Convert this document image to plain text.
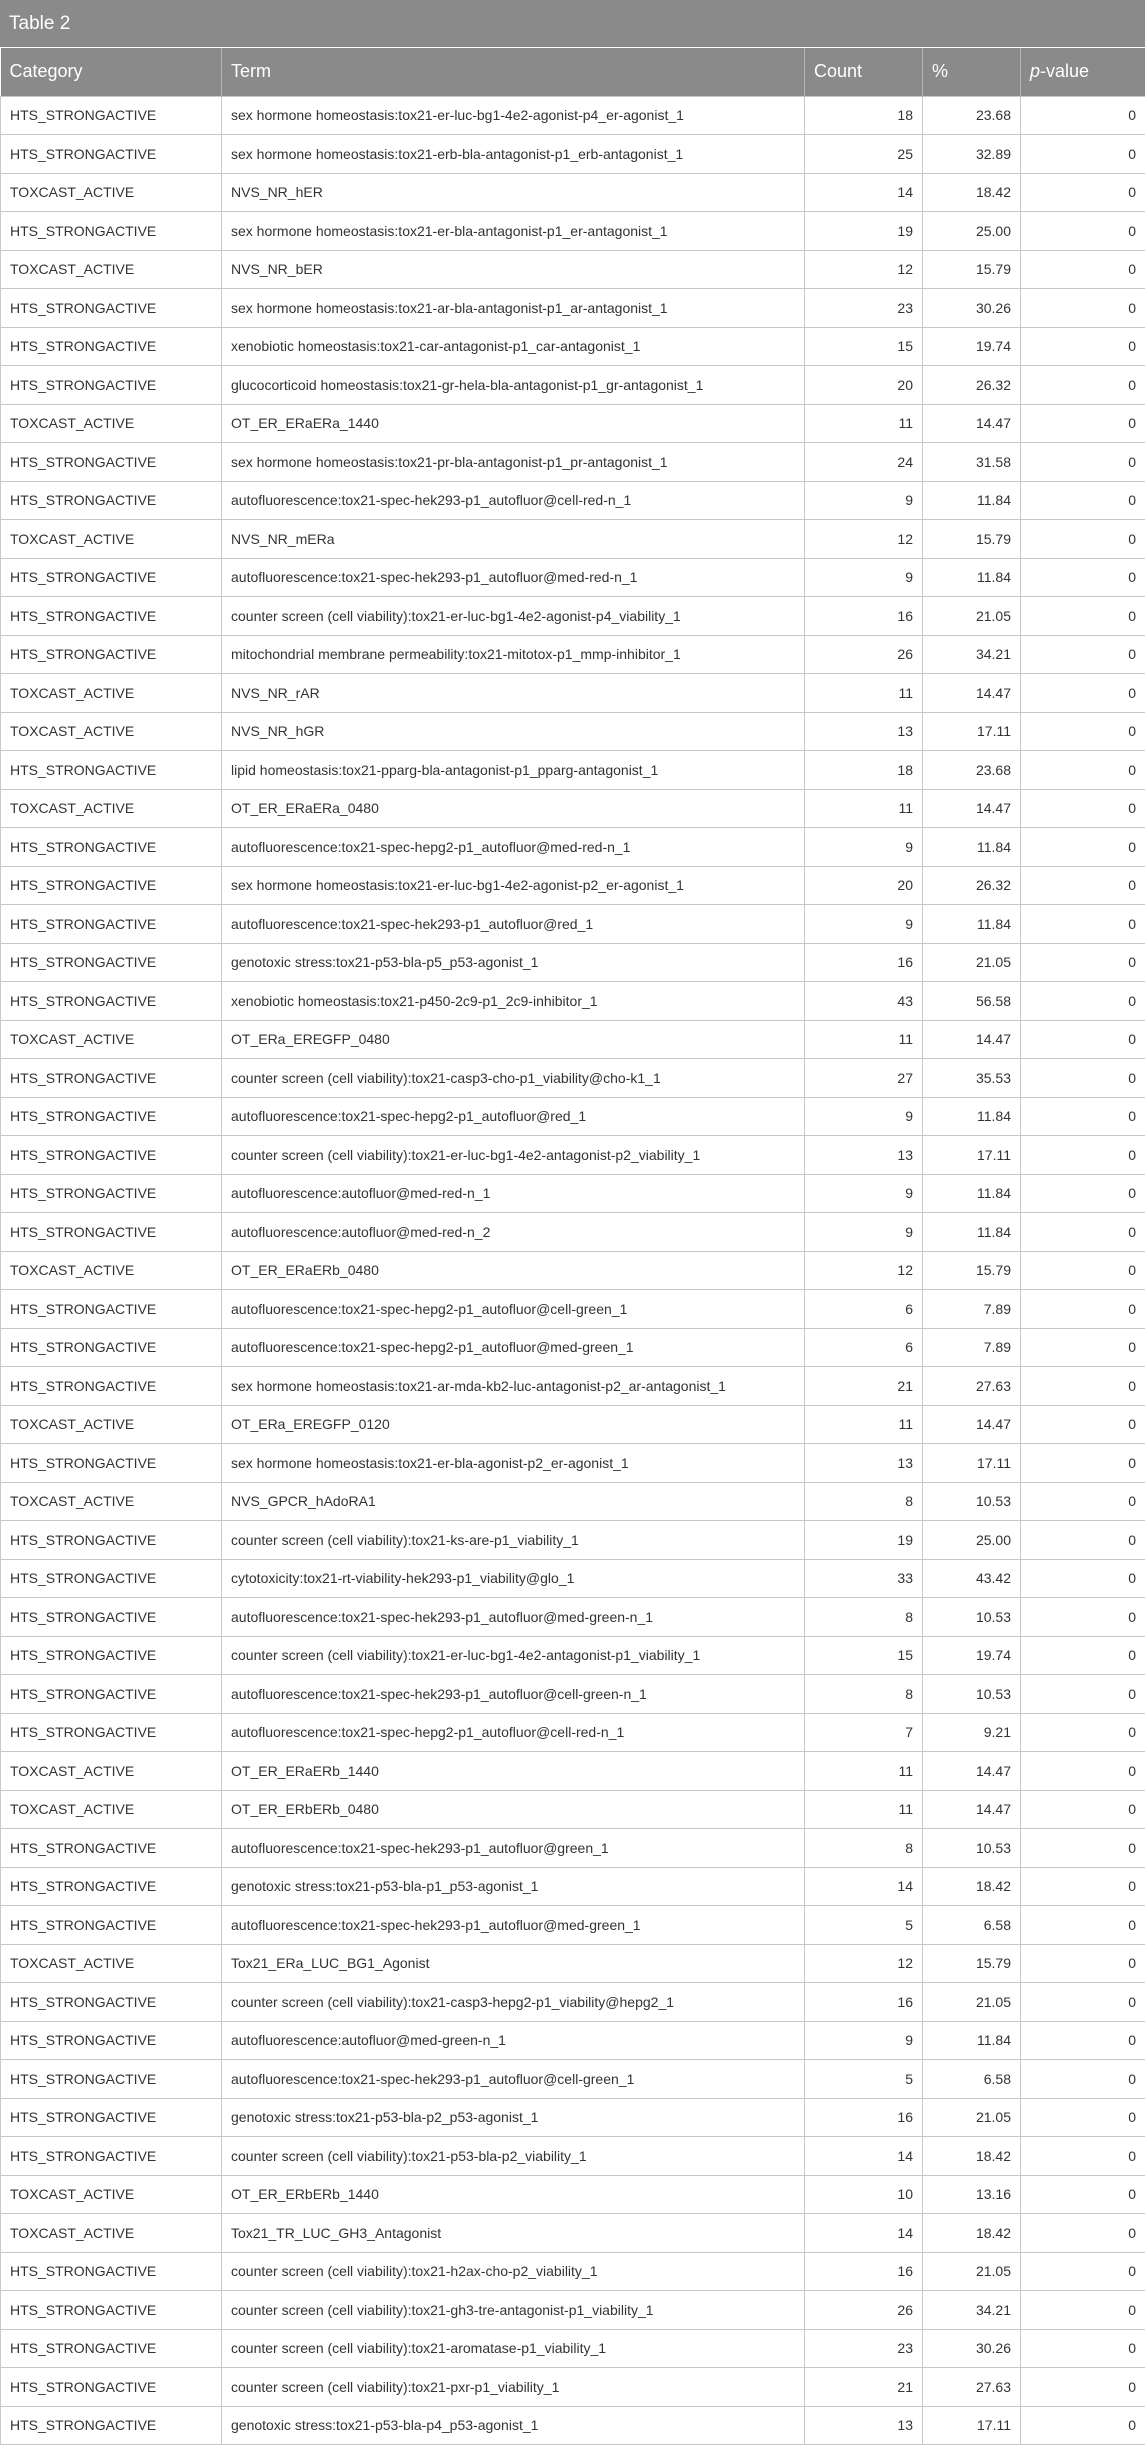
Table 2
Category	Term	Count	%	p-value
HTS_STRONGACTIVE	sex hormone homeostasis:tox21-er-luc-bg1-4e2-agonist-p4_er-agonist_1	18	23.68	0
HTS_STRONGACTIVE	sex hormone homeostasis:tox21-erb-bla-antagonist-p1_erb-antagonist_1	25	32.89	0
TOXCAST_ACTIVE	NVS_NR_hER	14	18.42	0
HTS_STRONGACTIVE	sex hormone homeostasis:tox21-er-bla-antagonist-p1_er-antagonist_1	19	25.00	0
TOXCAST_ACTIVE	NVS_NR_bER	12	15.79	0
HTS_STRONGACTIVE	sex hormone homeostasis:tox21-ar-bla-antagonist-p1_ar-antagonist_1	23	30.26	0
HTS_STRONGACTIVE	xenobiotic homeostasis:tox21-car-antagonist-p1_car-antagonist_1	15	19.74	0
HTS_STRONGACTIVE	glucocorticoid homeostasis:tox21-gr-hela-bla-antagonist-p1_gr-antagonist_1	20	26.32	0
TOXCAST_ACTIVE	OT_ER_ERaERa_1440	11	14.47	0
HTS_STRONGACTIVE	sex hormone homeostasis:tox21-pr-bla-antagonist-p1_pr-antagonist_1	24	31.58	0
HTS_STRONGACTIVE	autofluorescence:tox21-spec-hek293-p1_autofluor@cell-red-n_1	9	11.84	0
TOXCAST_ACTIVE	NVS_NR_mERa	12	15.79	0
HTS_STRONGACTIVE	autofluorescence:tox21-spec-hek293-p1_autofluor@med-red-n_1	9	11.84	0
HTS_STRONGACTIVE	counter screen (cell viability):tox21-er-luc-bg1-4e2-agonist-p4_viability_1	16	21.05	0
HTS_STRONGACTIVE	mitochondrial membrane permeability:tox21-mitotox-p1_mmp-inhibitor_1	26	34.21	0
TOXCAST_ACTIVE	NVS_NR_rAR	11	14.47	0
TOXCAST_ACTIVE	NVS_NR_hGR	13	17.11	0
HTS_STRONGACTIVE	lipid homeostasis:tox21-pparg-bla-antagonist-p1_pparg-antagonist_1	18	23.68	0
TOXCAST_ACTIVE	OT_ER_ERaERa_0480	11	14.47	0
HTS_STRONGACTIVE	autofluorescence:tox21-spec-hepg2-p1_autofluor@med-red-n_1	9	11.84	0
HTS_STRONGACTIVE	sex hormone homeostasis:tox21-er-luc-bg1-4e2-agonist-p2_er-agonist_1	20	26.32	0
HTS_STRONGACTIVE	autofluorescence:tox21-spec-hek293-p1_autofluor@red_1	9	11.84	0
HTS_STRONGACTIVE	genotoxic stress:tox21-p53-bla-p5_p53-agonist_1	16	21.05	0
HTS_STRONGACTIVE	xenobiotic homeostasis:tox21-p450-2c9-p1_2c9-inhibitor_1	43	56.58	0
TOXCAST_ACTIVE	OT_ERa_EREGFP_0480	11	14.47	0
HTS_STRONGACTIVE	counter screen (cell viability):tox21-casp3-cho-p1_viability@cho-k1_1	27	35.53	0
HTS_STRONGACTIVE	autofluorescence:tox21-spec-hepg2-p1_autofluor@red_1	9	11.84	0
HTS_STRONGACTIVE	counter screen (cell viability):tox21-er-luc-bg1-4e2-antagonist-p2_viability_1	13	17.11	0
HTS_STRONGACTIVE	autofluorescence:autofluor@med-red-n_1	9	11.84	0
HTS_STRONGACTIVE	autofluorescence:autofluor@med-red-n_2	9	11.84	0
TOXCAST_ACTIVE	OT_ER_ERaERb_0480	12	15.79	0
HTS_STRONGACTIVE	autofluorescence:tox21-spec-hepg2-p1_autofluor@cell-green_1	6	7.89	0
HTS_STRONGACTIVE	autofluorescence:tox21-spec-hepg2-p1_autofluor@med-green_1	6	7.89	0
HTS_STRONGACTIVE	sex hormone homeostasis:tox21-ar-mda-kb2-luc-antagonist-p2_ar-antagonist_1	21	27.63	0
TOXCAST_ACTIVE	OT_ERa_EREGFP_0120	11	14.47	0
HTS_STRONGACTIVE	sex hormone homeostasis:tox21-er-bla-agonist-p2_er-agonist_1	13	17.11	0
TOXCAST_ACTIVE	NVS_GPCR_hAdoRA1	8	10.53	0
HTS_STRONGACTIVE	counter screen (cell viability):tox21-ks-are-p1_viability_1	19	25.00	0
HTS_STRONGACTIVE	cytotoxicity:tox21-rt-viability-hek293-p1_viability@glo_1	33	43.42	0
HTS_STRONGACTIVE	autofluorescence:tox21-spec-hek293-p1_autofluor@med-green-n_1	8	10.53	0
HTS_STRONGACTIVE	counter screen (cell viability):tox21-er-luc-bg1-4e2-antagonist-p1_viability_1	15	19.74	0
HTS_STRONGACTIVE	autofluorescence:tox21-spec-hek293-p1_autofluor@cell-green-n_1	8	10.53	0
HTS_STRONGACTIVE	autofluorescence:tox21-spec-hepg2-p1_autofluor@cell-red-n_1	7	9.21	0
TOXCAST_ACTIVE	OT_ER_ERaERb_1440	11	14.47	0
TOXCAST_ACTIVE	OT_ER_ERbERb_0480	11	14.47	0
HTS_STRONGACTIVE	autofluorescence:tox21-spec-hek293-p1_autofluor@green_1	8	10.53	0
HTS_STRONGACTIVE	genotoxic stress:tox21-p53-bla-p1_p53-agonist_1	14	18.42	0
HTS_STRONGACTIVE	autofluorescence:tox21-spec-hek293-p1_autofluor@med-green_1	5	6.58	0
TOXCAST_ACTIVE	Tox21_ERa_LUC_BG1_Agonist	12	15.79	0
HTS_STRONGACTIVE	counter screen (cell viability):tox21-casp3-hepg2-p1_viability@hepg2_1	16	21.05	0
HTS_STRONGACTIVE	autofluorescence:autofluor@med-green-n_1	9	11.84	0
HTS_STRONGACTIVE	autofluorescence:tox21-spec-hek293-p1_autofluor@cell-green_1	5	6.58	0
HTS_STRONGACTIVE	genotoxic stress:tox21-p53-bla-p2_p53-agonist_1	16	21.05	0
HTS_STRONGACTIVE	counter screen (cell viability):tox21-p53-bla-p2_viability_1	14	18.42	0
TOXCAST_ACTIVE	OT_ER_ERbERb_1440	10	13.16	0
TOXCAST_ACTIVE	Tox21_TR_LUC_GH3_Antagonist	14	18.42	0
HTS_STRONGACTIVE	counter screen (cell viability):tox21-h2ax-cho-p2_viability_1	16	21.05	0
HTS_STRONGACTIVE	counter screen (cell viability):tox21-gh3-tre-antagonist-p1_viability_1	26	34.21	0
HTS_STRONGACTIVE	counter screen (cell viability):tox21-aromatase-p1_viability_1	23	30.26	0
HTS_STRONGACTIVE	counter screen (cell viability):tox21-pxr-p1_viability_1	21	27.63	0
HTS_STRONGACTIVE	genotoxic stress:tox21-p53-bla-p4_p53-agonist_1	13	17.11	0
